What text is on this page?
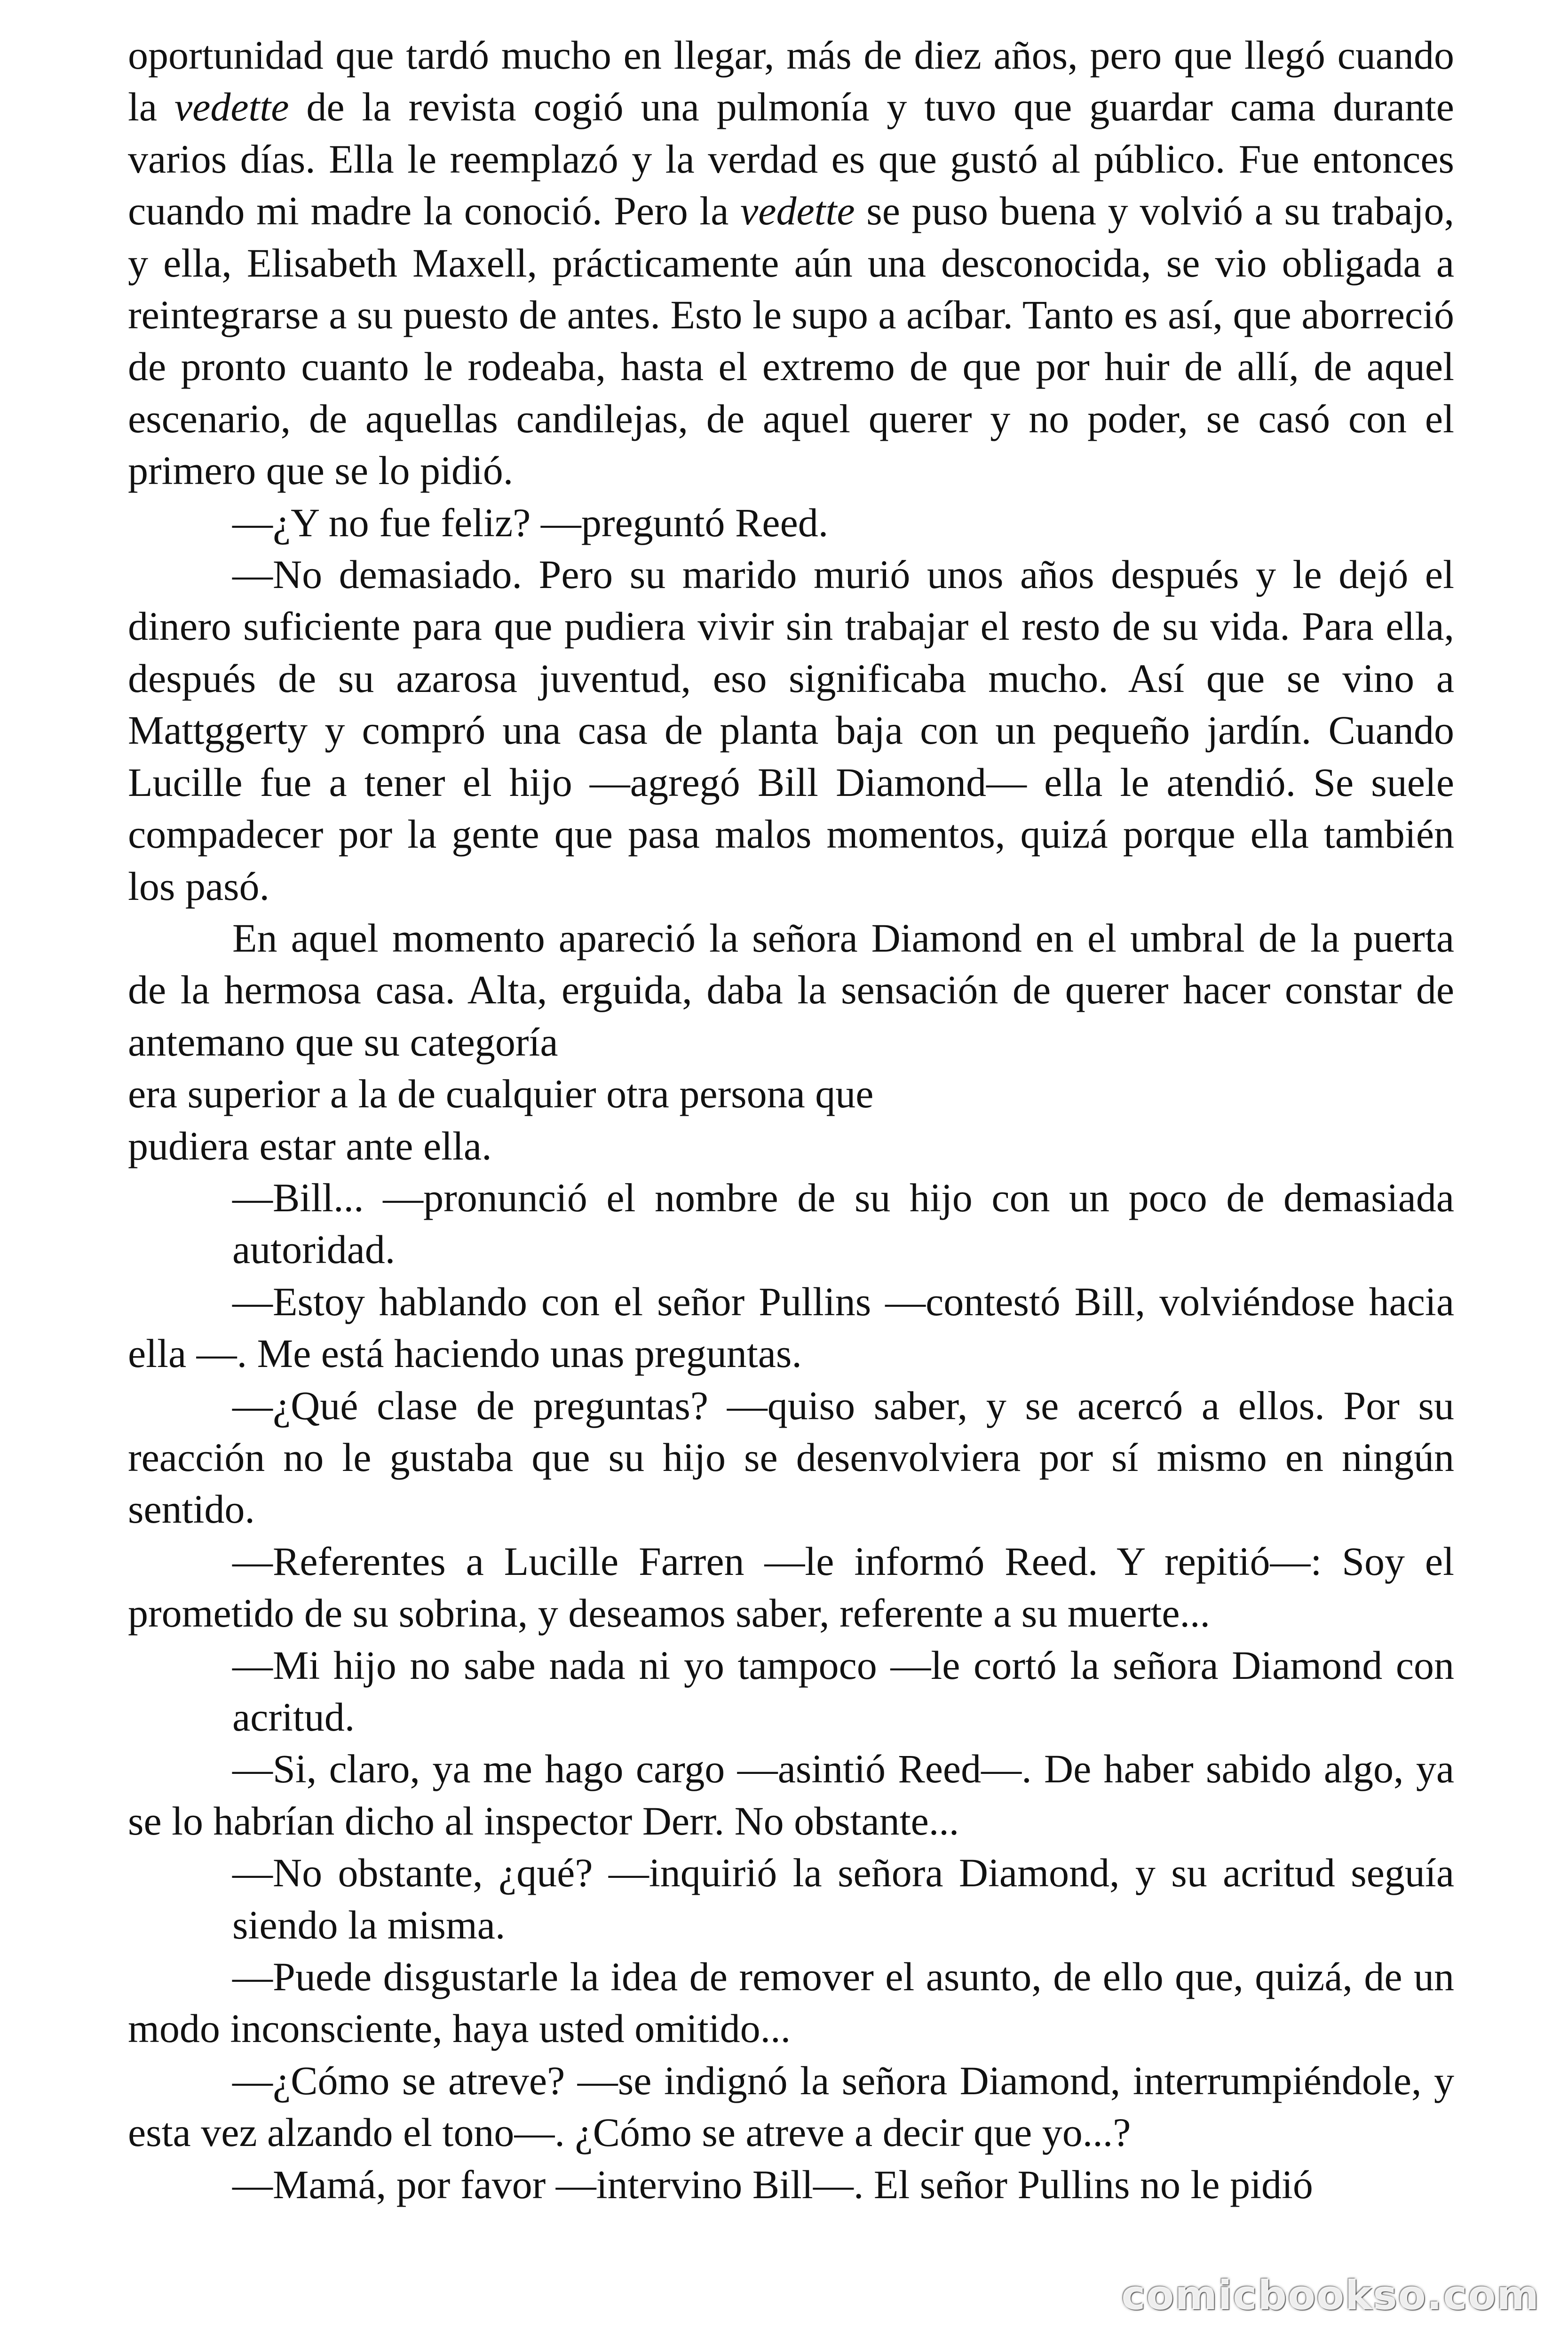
oportunidad que tardó mucho en llegar, más de diez años, pero que llegó cuando la vedette de la revista cogió una pulmonía y tuvo que guardar cama durante varios días. Ella le reemplazó y la verdad es que gustó al público. Fue entonces cuando mi madre la conoció. Pero la vedette se puso buena y volvió a su trabajo, y ella, Elisabeth Maxell, prácticamente aún una desconocida, se vio obligada a reintegrarse a su puesto de antes. Esto le supo a acíbar. Tanto es así, que aborreció de pronto cuanto le rodeaba, hasta el extremo de que por huir de allí, de aquel escenario, de aquellas candilejas, de aquel querer y no poder, se casó con el primero que se lo pidió.

—¿Y no fue feliz? —preguntó Reed.

—No demasiado. Pero su marido murió unos años después y le dejó el dinero suficiente para que pudiera vivir sin trabajar el resto de su vida. Para ella, después de su azarosa juventud, eso significaba mucho. Así que se vino a Mattggerty y compró una casa de planta baja con un pequeño jardín. Cuando Lucille fue a tener el hijo —agregó Bill Diamond— ella le atendió. Se suele compadecer por la gente que pasa malos momentos, quizá porque ella también los pasó.

En aquel momento apareció la señora Diamond en el umbral de la puerta de la hermosa casa. Alta, erguida, daba la sensación de querer hacer constar de antemano que su categoría

era superior a la de cualquier otra persona que

pudiera estar ante ella.

—Bill... —pronunció el nombre de su hijo con un poco de demasiada autoridad.

—Estoy hablando con el señor Pullins —contestó Bill, volviéndose hacia ella —. Me está haciendo unas preguntas.

—¿Qué clase de preguntas? —quiso saber, y se acercó a ellos. Por su reacción no le gustaba que su hijo se desenvolviera por sí mismo en ningún sentido.

—Referentes a Lucille Farren —le informó Reed. Y repitió—: Soy el prometido de su sobrina, y deseamos saber, referente a su muerte...

—Mi hijo no sabe nada ni yo tampoco —le cortó la señora Diamond con acritud.

—Si, claro, ya me hago cargo —asintió Reed—. De haber sabido algo, ya se lo habrían dicho al inspector Derr. No obstante...

—No obstante, ¿qué? —inquirió la señora Diamond, y su acritud seguía siendo la misma.

—Puede disgustarle la idea de remover el asunto, de ello que, quizá, de un modo inconsciente, haya usted omitido...

—¿Cómo se atreve? —se indignó la señora Diamond, interrumpiéndole, y esta vez alzando el tono—. ¿Cómo se atreve a decir que yo...?

—Mamá, por favor —intervino Bill—. El señor Pullins no le pidió

comicbookso.com
